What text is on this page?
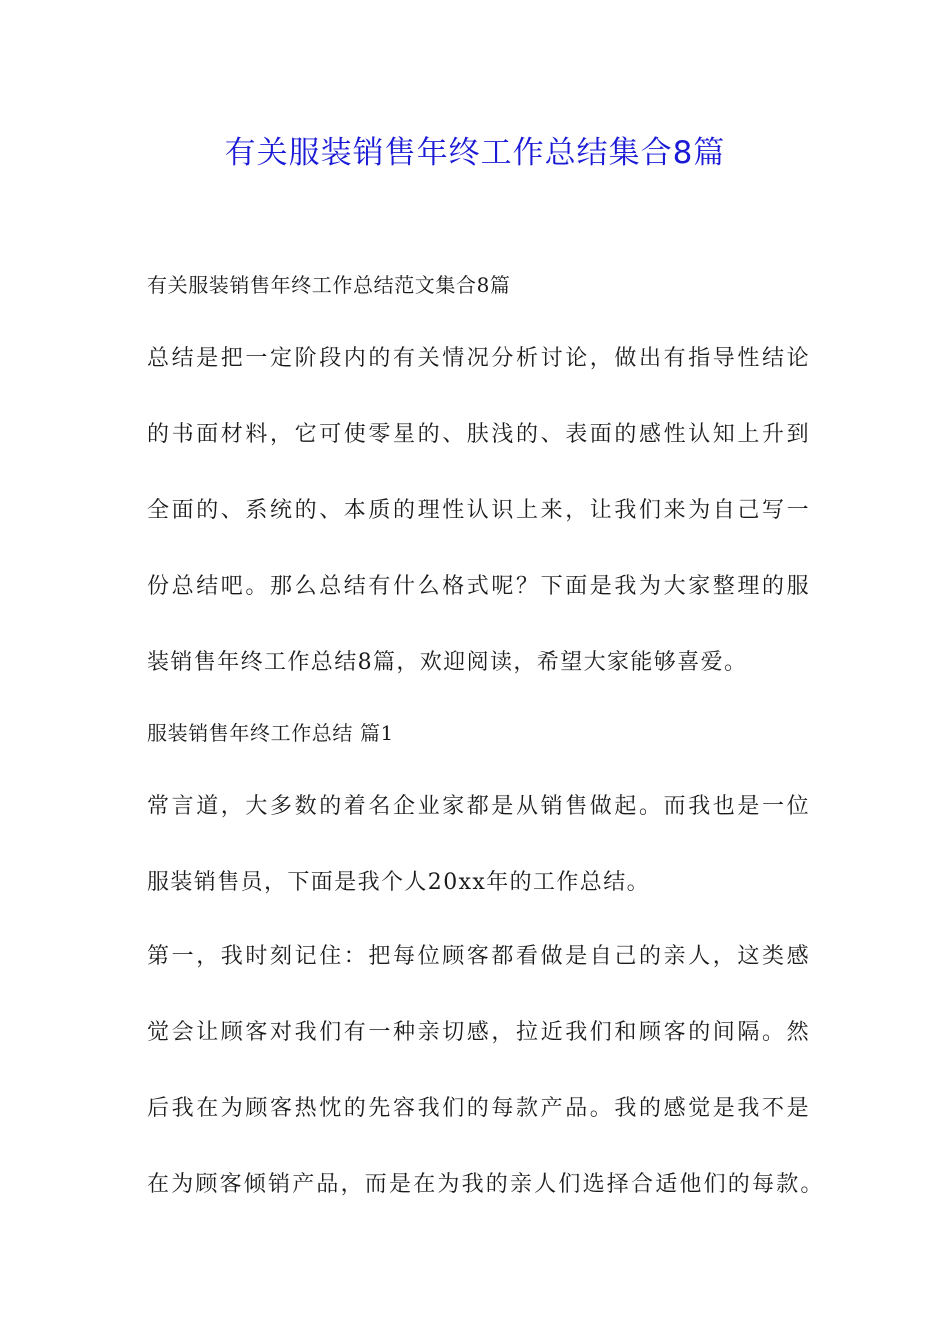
有关服装销售年终工作总结集合8篇
有关服装销售年终工作总结范文集合8篇
总结是把一定阶段内的有关情况分析讨论，做出有指导性结论
的书面材料，它可使零星的、肤浅的、表面的感性认知上升到
全面的、系统的、本质的理性认识上来，让我们来为自己写一
份总结吧。那么总结有什么格式呢？下面是我为大家整理的服
装销售年终工作总结8篇，欢迎阅读，希望大家能够喜爱。
服装销售年终工作总结 篇1
常言道，大多数的着名企业家都是从销售做起。而我也是一位
服装销售员，下面是我个人20xx年的工作总结。
第一，我时刻记住：把每位顾客都看做是自己的亲人，这类感
觉会让顾客对我们有一种亲切感，拉近我们和顾客的间隔。然
后我在为顾客热忱的先容我们的每款产品。我的感觉是我不是
在为顾客倾销产品，而是在为我的亲人们选择合适他们的每款。
